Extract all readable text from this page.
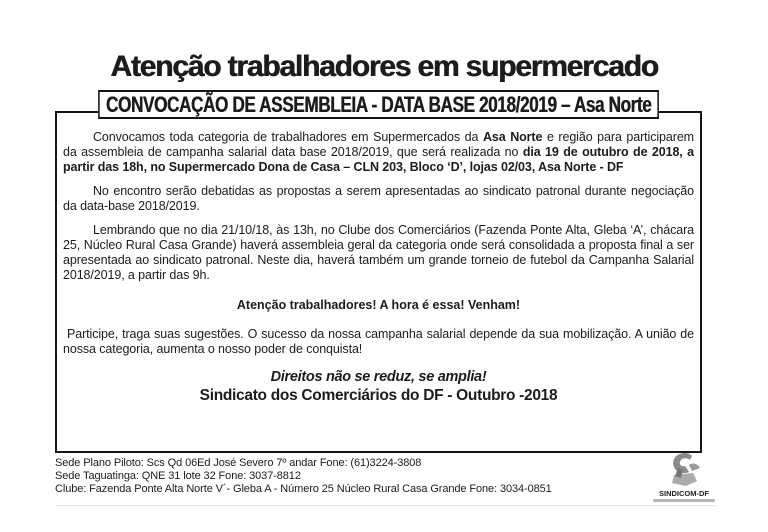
Atenção trabalhadores em supermercado
CONVOCAÇÃO DE ASSEMBLEIA - DATA BASE 2018/2019 – Asa Norte

Convocamos toda categoria de trabalhadores em Supermercados da Asa Norte e região para participarem da assembleia de campanha salarial data base 2018/2019, que será realizada no dia 19 de outubro de 2018, a partir das 18h, no Supermercado Dona de Casa – CLN 203, Bloco ‘D’, lojas 02/03, Asa Norte - DF

No encontro serão debatidas as propostas a serem apresentadas ao sindicato patronal durante negociação da data-base 2018/2019.

Lembrando que no dia 21/10/18, às 13h, no Clube dos Comerciários (Fazenda Ponte Alta, Gleba ‘A’, chácara 25, Núcleo Rural Casa Grande) haverá assembleia geral da categoria onde será consolidada a proposta final a ser apresentada ao sindicato patronal. Neste dia, haverá também um grande torneio de futebol da Campanha Salarial 2018/2019, a partir das 9h.

Atenção trabalhadores! A hora é essa! Venham!

Participe, traga suas sugestões. O sucesso da nossa campanha salarial depende da sua mobilização. A união de nossa categoria, aumenta o nosso poder de conquista!

Direitos não se reduz, se amplia!

Sindicato dos Comerciários do DF - Outubro -2018

Sede Plano Piloto: Scs Qd 06Ed José Severo 7º andar Fone: (61)3224-3808
Sede Taguatinga: QNE 31 lote 32 Fone: 3037-8812
Clube: Fazenda Ponte Alta Norte V´- Gleba A - Número 25 Núcleo Rural Casa Grande Fone: 3034-0851	SINDICOM-DF
